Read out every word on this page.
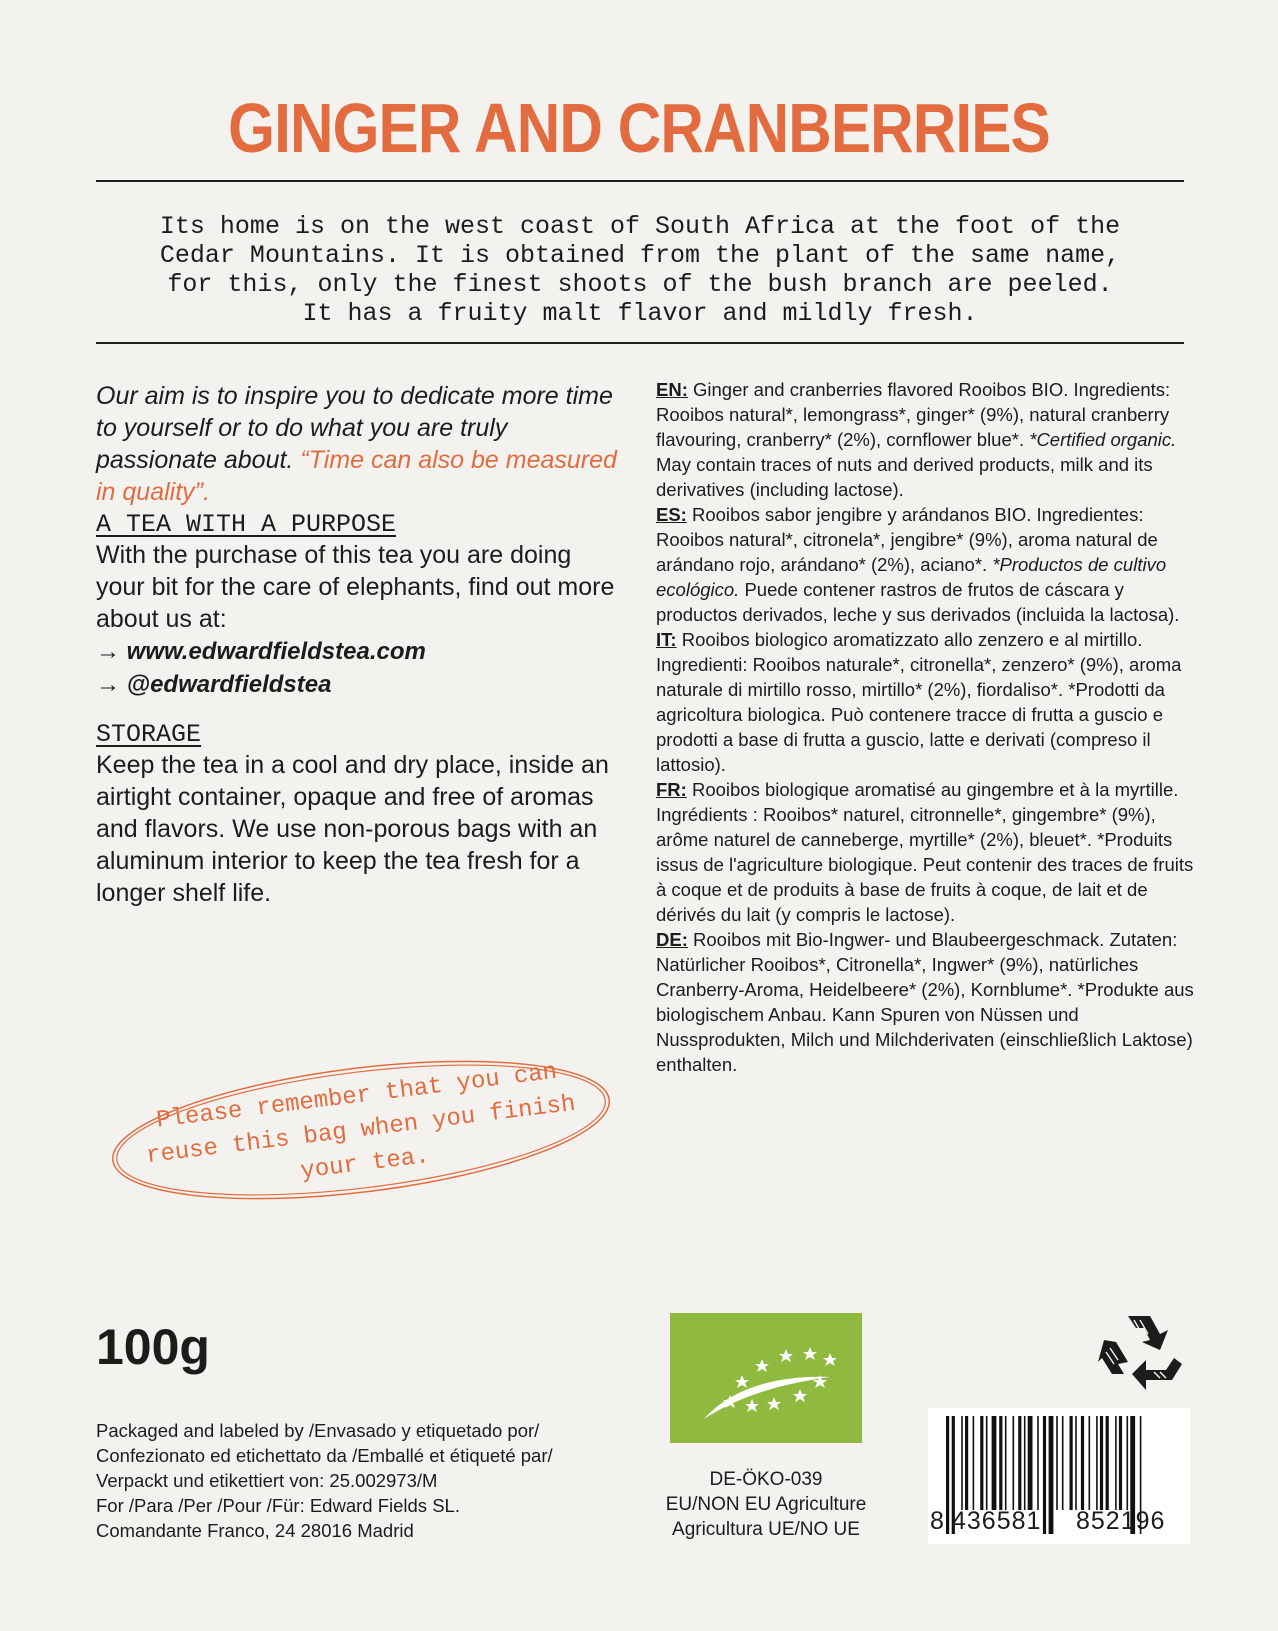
GINGER AND CRANBERRIES

Its home is on the west coast of South Africa at the foot of the
Cedar Mountains. It is obtained from the plant of the same name,
for this, only the finest shoots of the bush branch are peeled.
It has a fruity malt flavor and mildly fresh.

Our aim is to inspire you to dedicate more time to yourself or to do what you are truly passionate about. “Time can also be measured in quality”.

A TEA WITH A PURPOSE

With the purchase of this tea you are doing your bit for the care of elephants, find out more about us at:

→ www.edwardfieldstea.com

→ @edwardfieldstea

STORAGE

Keep the tea in a cool and dry place, inside an airtight container, opaque and free of aromas and flavors. We use non-porous bags with an aluminum interior to keep the tea fresh for a longer shelf life.

Please remember that you can reuse this bag when you finish your tea.

EN: Ginger and cranberries flavored Rooibos BIO. Ingredients: Rooibos natural*, lemongrass*, ginger* (9%), natural cranberry flavouring, cranberry* (2%), cornflower blue*. *Certified organic. May contain traces of nuts and derived products, milk and its derivatives (including lactose).

ES: Rooibos sabor jengibre y arándanos BIO. Ingredientes: Rooibos natural*, citronela*, jengibre* (9%), aroma natural de arándano rojo, arándano* (2%), aciano*. *Productos de cultivo ecológico. Puede contener rastros de frutos de cáscara y productos derivados, leche y sus derivados (incluida la lactosa).

IT: Rooibos biologico aromatizzato allo zenzero e al mirtillo. Ingredienti: Rooibos naturale*, citronella*, zenzero* (9%), aroma naturale di mirtillo rosso, mirtillo* (2%), fiordaliso*. *Prodotti da agricoltura biologica. Può contenere tracce di frutta a guscio e prodotti a base di frutta a guscio, latte e derivati (compreso il lattosio).

FR: Rooibos biologique aromatisé au gingembre et à la myrtille. Ingrédients : Rooibos* naturel, citronnelle*, gingembre* (9%), arôme naturel de canneberge, myrtille* (2%), bleuet*. *Produits issus de l'agriculture biologique. Peut contenir des traces de fruits à coque et de produits à base de fruits à coque, de lait et de dérivés du lait (y compris le lactose).

DE: Rooibos mit Bio-Ingwer- und Blaubeergeschmack. Zutaten: Natürlicher Rooibos*, Citronella*, Ingwer* (9%), natürliches Cranberry-Aroma, Heidelbeere* (2%), Kornblume*. *Produkte aus biologischem Anbau. Kann Spuren von Nüssen und Nussprodukten, Milch und Milchderivaten (einschließlich Laktose) enthalten.

100g

Packaged and labeled by /Envasado y etiquetado por/
Confezionato ed etichettato da /Emballé et étiqueté par/
Verpackt und etikettiert von: 25.002973/M
For /Para /Per /Pour /Für: Edward Fields SL.
Comandante Franco, 24 28016 Madrid
DE-ÖKO-039
EU/NON EU Agriculture
Agricultura UE/NO UE	8 436581 852196
